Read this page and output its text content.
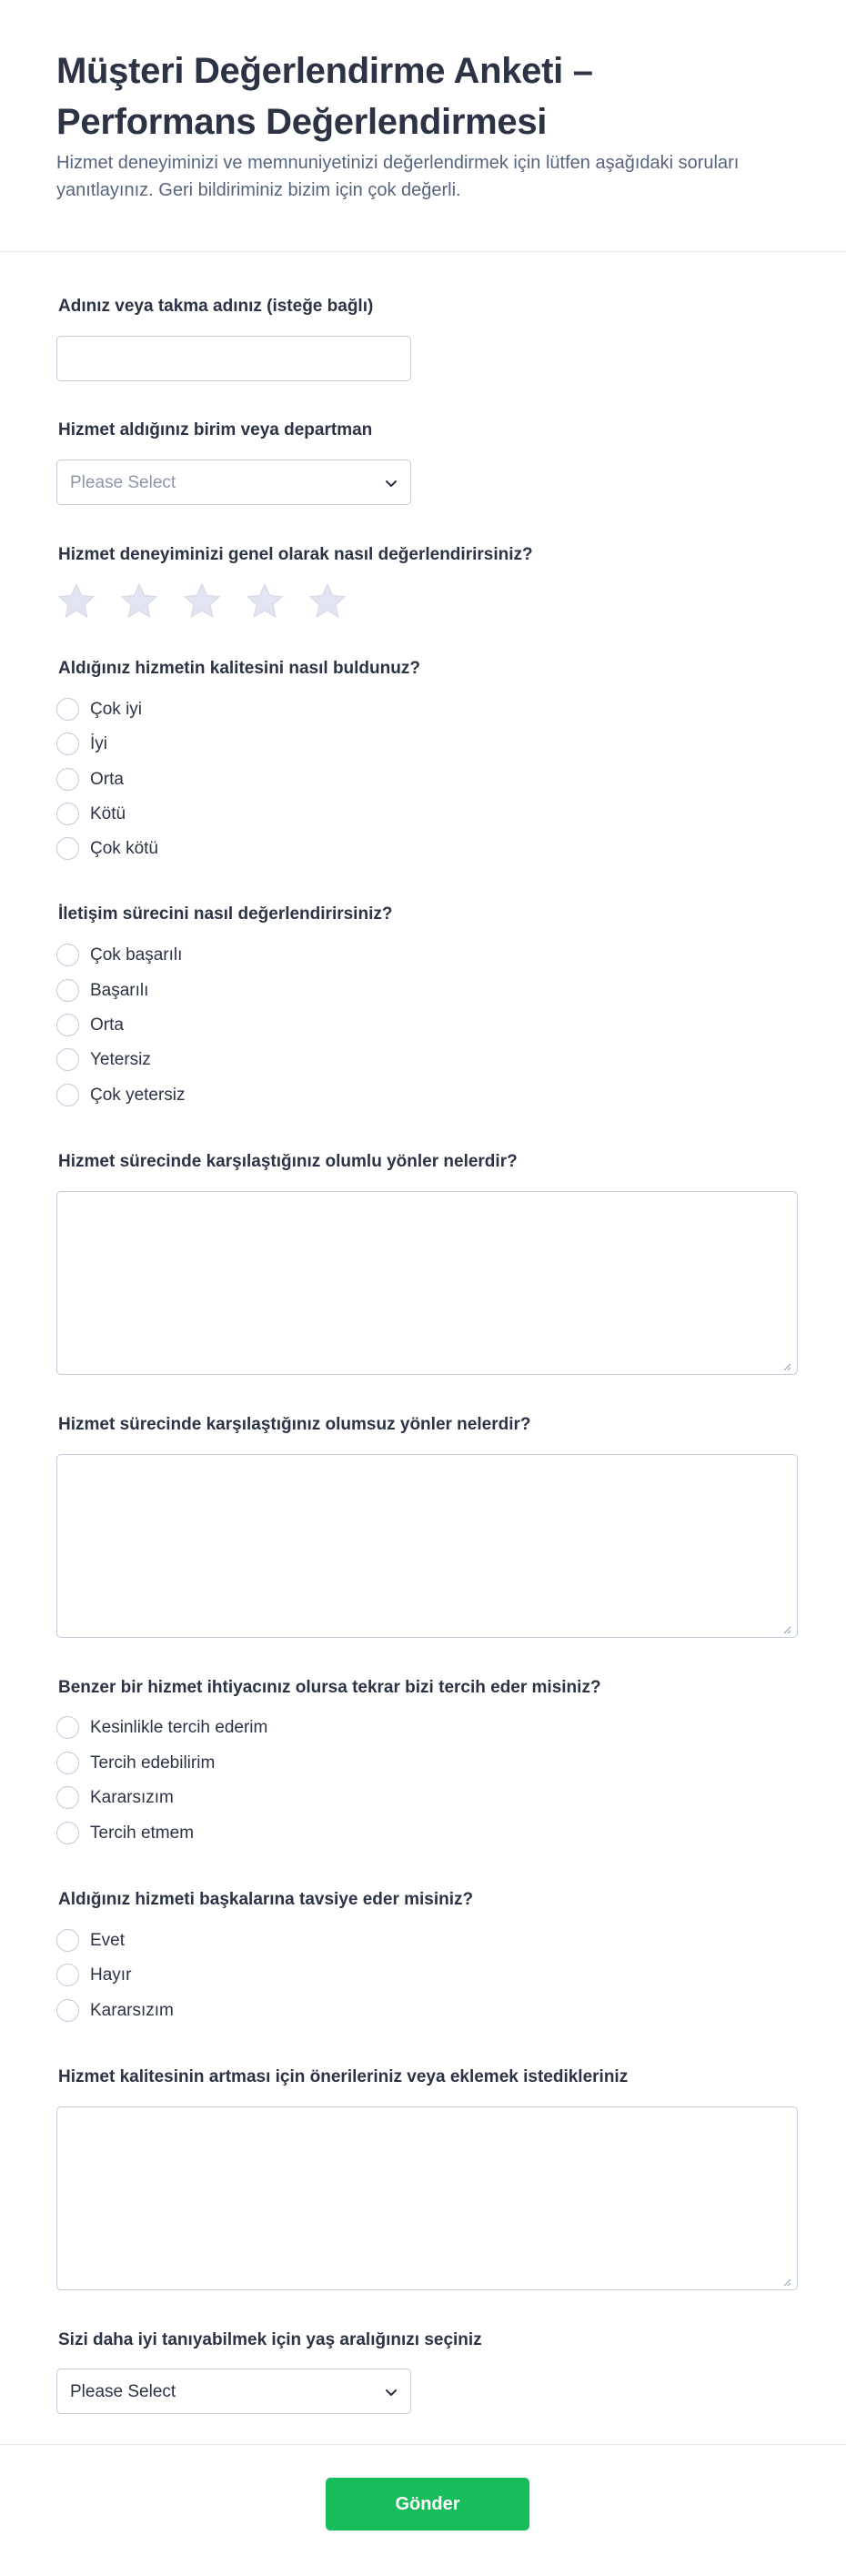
Müşteri Değerlendirme Anketi – Performans Değerlendirmesi

Hizmet deneyiminizi ve memnuniyetinizi değerlendirmek için lütfen aşağıdaki soruları yanıtlayınız. Geri bildiriminiz bizim için çok değerli.

Adınız veya takma adınız (isteğe bağlı)
Hizmet aldığınız birim veya departman
Please Select
Hizmet deneyiminizi genel olarak nasıl değerlendirirsiniz?
Aldığınız hizmetin kalitesini nasıl buldunuz?
Çok iyi
İyi
Orta
Kötü
Çok kötü
İletişim sürecini nasıl değerlendirirsiniz?
Çok başarılı
Başarılı
Orta
Yetersiz
Çok yetersiz
Hizmet sürecinde karşılaştığınız olumlu yönler nelerdir?
Hizmet sürecinde karşılaştığınız olumsuz yönler nelerdir?
Benzer bir hizmet ihtiyacınız olursa tekrar bizi tercih eder misiniz?
Kesinlikle tercih ederim
Tercih edebilirim
Kararsızım
Tercih etmem
Aldığınız hizmeti başkalarına tavsiye eder misiniz?
Evet
Hayır
Kararsızım
Hizmet kalitesinin artması için önerileriniz veya eklemek istedikleriniz
Sizi daha iyi tanıyabilmek için yaş aralığınızı seçiniz
Please Select
Gönder
